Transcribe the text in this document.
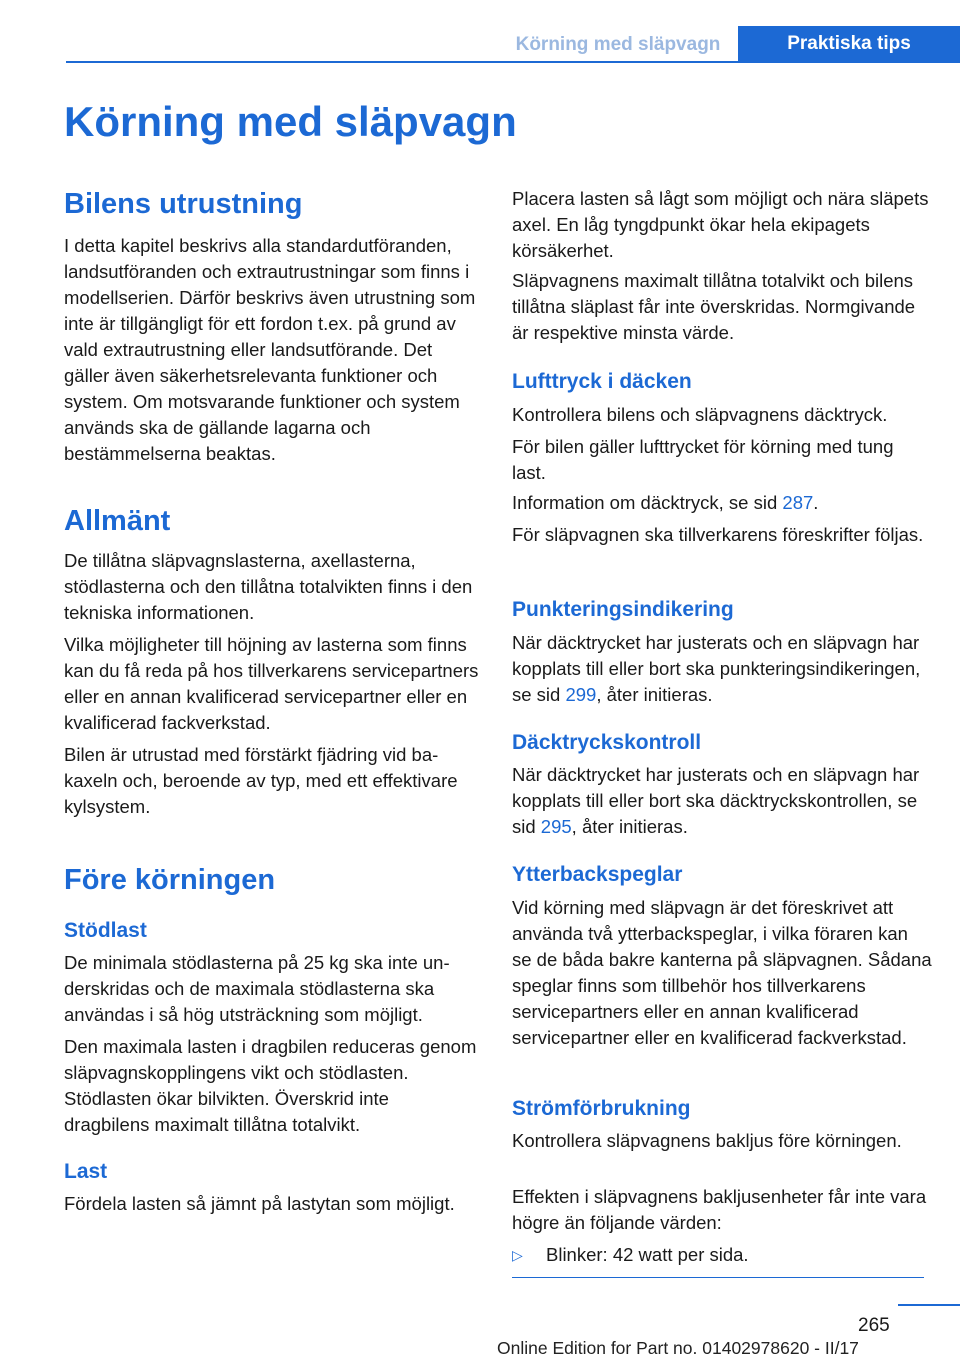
Körning med släpvagn	Praktiska tips
Körning med släpvagn
Bilens utrustning

I detta kapitel beskrivs alla standardutföranden, landsutföranden och extrautrustningar som finns i modellserien. Därför beskrivs även utrustning som inte är tillgängligt för ett fordon t.ex. på grund av vald extrautrustning eller landsutförande. Det gäller även säkerhetsrelevanta funktioner och system. Om motsvarande funktioner och system används ska de gällande lagarna och bestämmelserna beaktas.

Allmänt

De tillåtna släpvagnslasterna, axellasterna, stödlasterna och den tillåtna totalvikten finns i den tekniska informationen.

Vilka möjligheter till höjning av lasterna som finns kan du få reda på hos tillverkarens servicepartners eller en annan kvalificerad servicepartner eller en kvalificerad fackverkstad.

Bilen är utrustad med förstärkt fjädring vid bakaxeln och, beroende av typ, med ett effektivare kylsystem.

Före körningen
Stödlast

De minimala stödlasterna på 25 kg ska inte underskridas och de maximala stödlasterna ska användas i så hög utsträckning som möjligt.

Den maximala lasten i dragbilen reduceras genom släpvagnskopplingens vikt och stödlasten. Stödlasten ökar bilvikten. Överskrid inte dragbilens maximalt tillåtna totalvikt.

Last

Fördela lasten så jämnt på lastytan som möjligt.

Placera lasten så lågt som möjligt och nära släpets axel. En låg tyngdpunkt ökar hela ekipagets körsäkerhet.

Släpvagnens maximalt tillåtna totalvikt och bilens tillåtna släplast får inte överskridas. Normgivande är respektive minsta värde.

Lufttryck i däcken

Kontrollera bilens och släpvagnens däcktryck.

För bilen gäller lufttrycket för körning med tung last.

Information om däcktryck, se sid 287.

För släpvagnen ska tillverkarens föreskrifter följas.

Punkteringsindikering

När däcktrycket har justerats och en släpvagn har kopplats till eller bort ska punkteringsindikeringen, se sid 299, åter initieras.

Däcktryckskontroll

När däcktrycket har justerats och en släpvagn har kopplats till eller bort ska däcktryckskontrollen, se sid 295, åter initieras.

Ytterbackspeglar

Vid körning med släpvagn är det föreskrivet att använda två ytterbackspeglar, i vilka föraren kan se de båda bakre kanterna på släpvagnen. Sådana speglar finns som tillbehör hos tillverkarens servicepartners eller en annan kvalificerad servicepartner eller en kvalificerad fackverkstad.

Strömförbrukning

Kontrollera släpvagnens bakljus före körningen.

Effekten i släpvagnens bakljusenheter får inte vara högre än följande värden:

▷	Blinker: 42 watt per sida.

265
Online Edition for Part no. 01402978620 - II/17
